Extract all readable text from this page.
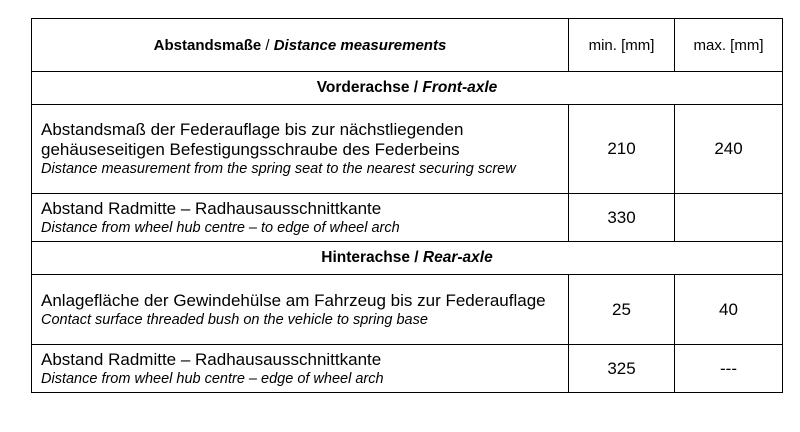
Abstandsmaße / Distance measurements	min. [mm]	max. [mm]
Vorderachse / Front-axle		

Abstandsmaß der Federauflage bis zur nächstliegenden gehäuseseitigen Befestigungsschraube des Federbeins
Distance measurement from the spring seat to the nearest securing screw	210	240

Abstand Radmitte – Radhausausschnittkante
Distance from wheel hub centre – to edge of wheel arch	330	
Hinterachse / Rear-axle		

Anlagefläche der Gewindehülse am Fahrzeug bis zur Federauflage
Contact surface threaded bush on the vehicle to spring base	25	40

Abstand Radmitte – Radhausausschnittkante
Distance from wheel hub centre – edge of wheel arch	325	---
